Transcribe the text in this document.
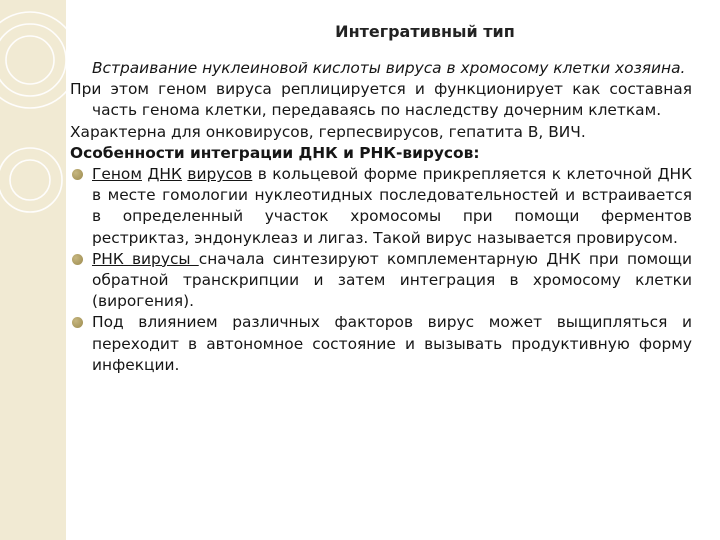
Интегративный тип

Встраивание нуклеиновой кислоты вируса в хромосому клетки хозяина.

При этом геном вируса реплицируется и функционирует как составная часть генома клетки, передаваясь по наследству дочерним клеткам.

Характерна для онковирусов, герпесвирусов, гепатита В, ВИЧ.

Особенности интеграции ДНК и РНК-вирусов:

Геном ДНК вирусов в кольцевой форме прикрепляется к клеточной ДНК в месте гомологии нуклеотидных последовательностей и встраивается в определенный участок хромосомы при помощи ферментов рестриктаз, эндонуклеаз и лигаз. Такой вирус называется провирусом.
РНК вирусы сначала синтезируют комплементарную ДНК при помощи обратной транскрипции и затем интеграция в хромосому клетки (вирогения).
Под влиянием различных факторов вирус может выщипляться и переходит в автономное состояние и вызывать продуктивную форму инфекции.
